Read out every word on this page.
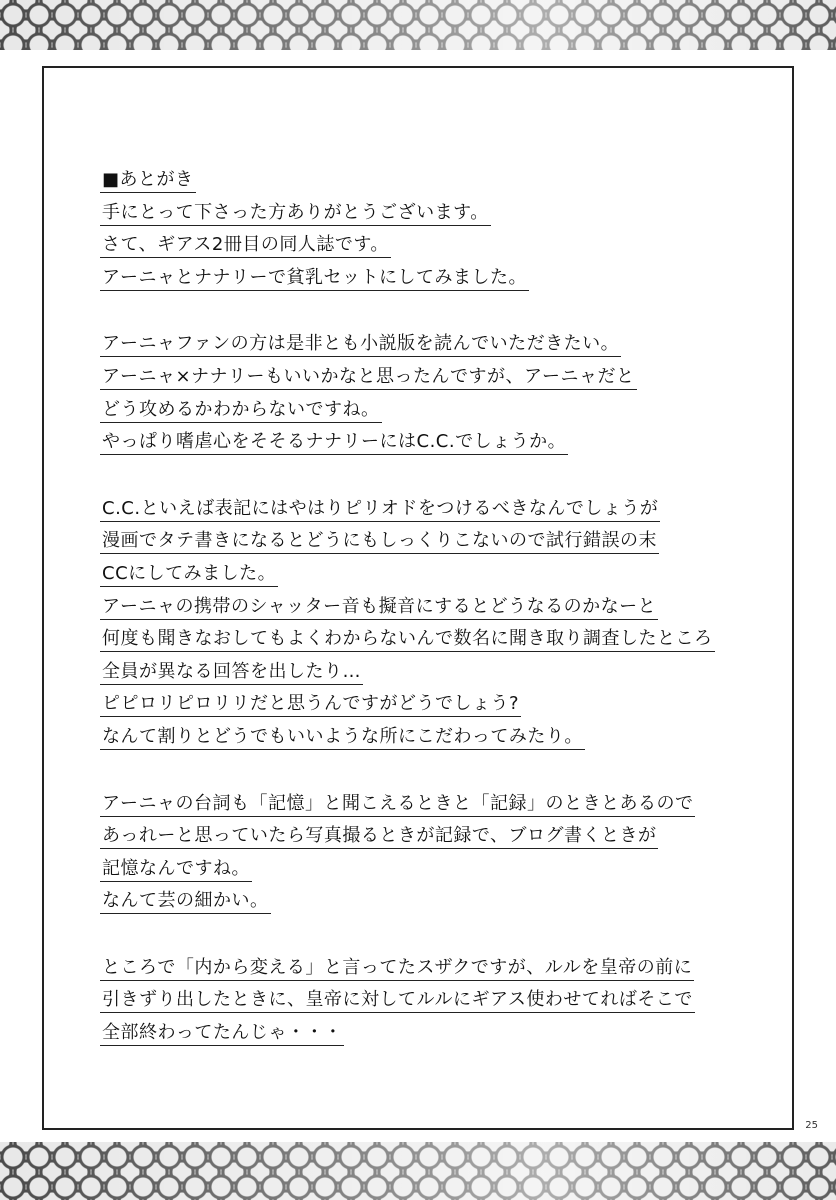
■あとがき
手にとって下さった方ありがとうございます。
さて、ギアス2冊目の同人誌です。
アーニャとナナリーで貧乳セットにしてみました。
アーニャファンの方は是非とも小説版を読んでいただきたい。
アーニャ×ナナリーもいいかなと思ったんですが、アーニャだと
どう攻めるかわからないですね。
やっぱり嗜虐心をそそるナナリーにはC.C.でしょうか。
C.C.といえば表記にはやはりピリオドをつけるべきなんでしょうが
漫画でタテ書きになるとどうにもしっくりこないので試行錯誤の末
CCにしてみました。
アーニャの携帯のシャッター音も擬音にするとどうなるのかなーと
何度も聞きなおしてもよくわからないんで数名に聞き取り調査したところ
全員が異なる回答を出したり…
ピピロリピロリリだと思うんですがどうでしょう?
なんて割りとどうでもいいような所にこだわってみたり。
アーニャの台詞も「記憶」と聞こえるときと「記録」のときとあるので
あっれーと思っていたら写真撮るときが記録で、ブログ書くときが
記憶なんですね。
なんて芸の細かい。
ところで「内から変える」と言ってたスザクですが、ルルを皇帝の前に
引きずり出したときに、皇帝に対してルルにギアス使わせてればそこで
全部終わってたんじゃ・・・
25
